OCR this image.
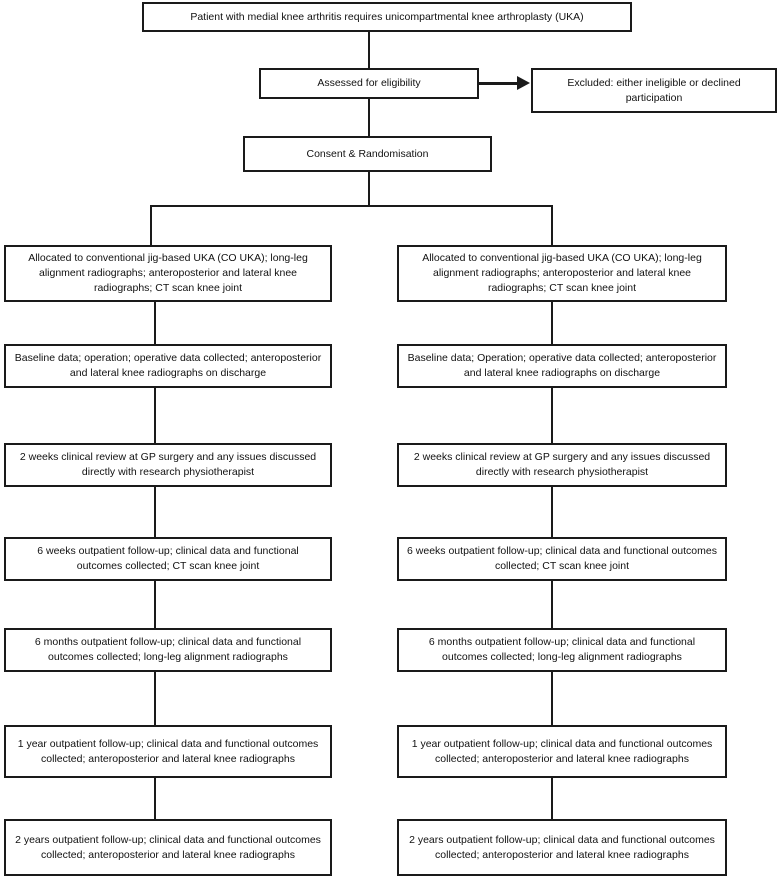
Patient with medial knee arthritis requires unicompartmental knee arthroplasty (UKA)
Assessed for eligibility	Excluded: either ineligible or declined participation
Consent & Randomisation
Allocated to conventional jig-based UKA (CO UKA); long-leg alignment radiographs; anteroposterior and lateral knee radiographs; CT scan knee joint
Baseline data; operation; operative data collected; anteroposterior and lateral knee radiographs on discharge
2 weeks clinical review at GP surgery and any issues discussed directly with research physiotherapist
6 weeks outpatient follow-up; clinical data and functional outcomes collected; CT scan knee joint
6 months outpatient follow-up; clinical data and functional outcomes collected; long-leg alignment radiographs
1 year outpatient follow-up; clinical data and functional outcomes collected; anteroposterior and lateral knee radiographs
2 years outpatient follow-up; clinical data and functional outcomes collected; anteroposterior and lateral knee radiographs
Allocated to conventional jig-based UKA (CO UKA); long-leg alignment radiographs; anteroposterior and lateral knee radiographs; CT scan knee joint
Baseline data; Operation; operative data collected; anteroposterior and lateral knee radiographs on discharge
2 weeks clinical review at GP surgery and any issues discussed directly with research physiotherapist
6 weeks outpatient follow-up; clinical data and functional outcomes collected; CT scan knee joint
6 months outpatient follow-up; clinical data and functional outcomes collected; long-leg alignment radiographs
1 year outpatient follow-up; clinical data and functional outcomes collected; anteroposterior and lateral knee radiographs
2 years outpatient follow-up; clinical data and functional outcomes collected; anteroposterior and lateral knee radiographs
